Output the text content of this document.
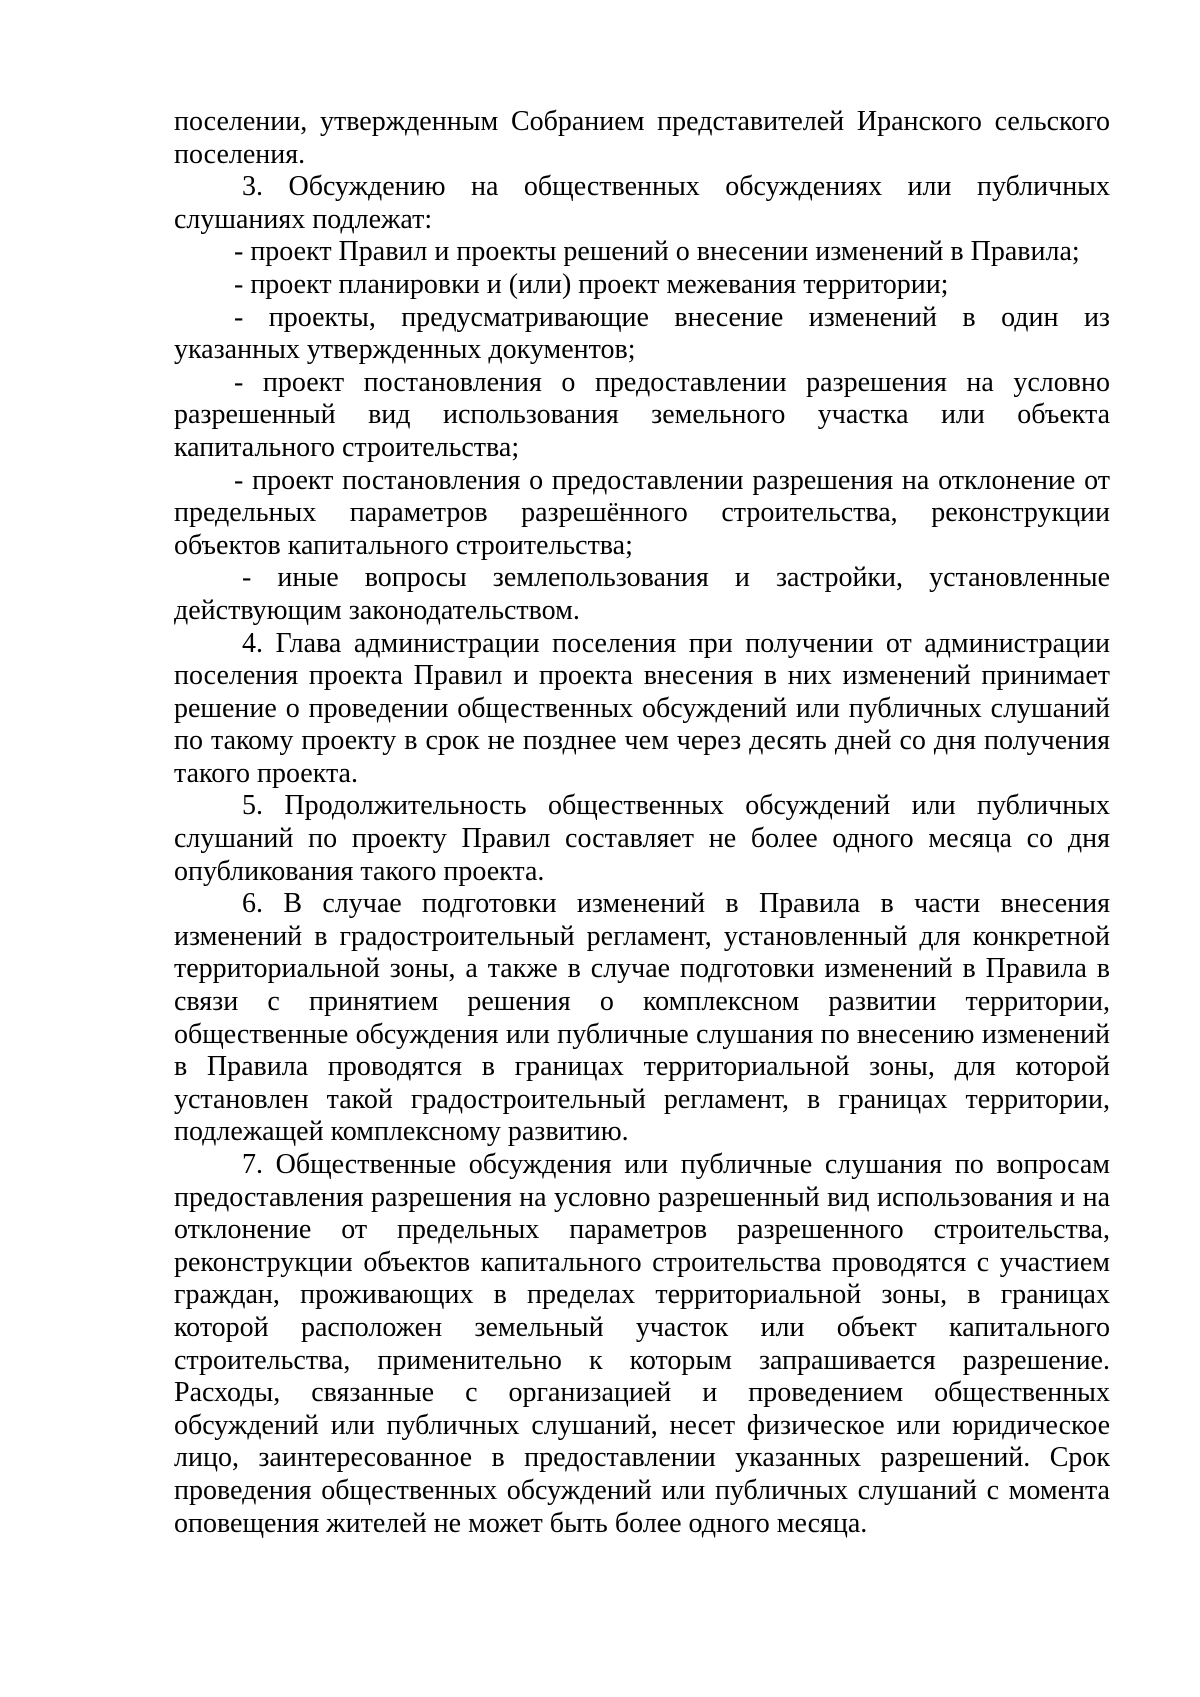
поселении, утвержденным Собранием представителей Иранского сельского поселения.

3. Обсуждению на общественных обсуждениях или публичных слушаниях подлежат:

- проект Правил и проекты решений о внесении изменений в Правила;

- проект планировки и (или) проект межевания территории;

- проекты, предусматривающие внесение изменений в один из указанных утвержденных документов;

- проект постановления о предоставлении разрешения на условно разрешенный вид использования земельного участка или объекта капитального строительства;

- проект постановления о предоставлении разрешения на отклонение от предельных параметров разрешённого строительства, реконструкции объектов капитального строительства;

- иные вопросы землепользования и застройки, установленные действующим законодательством.

4. Глава администрации поселения при получении от администрации поселения проекта Правил и проекта внесения в них изменений принимает решение о проведении общественных обсуждений или публичных слушаний по такому проекту в срок не позднее чем через десять дней со дня получения такого проекта.

5. Продолжительность общественных обсуждений или публичных слушаний по проекту Правил составляет не более одного месяца со дня опубликования такого проекта.

6. В случае подготовки изменений в Правила в части внесения изменений в градостроительный регламент, установленный для конкретной территориальной зоны, а также в случае подготовки изменений в Правила в связи с принятием решения о комплексном развитии территории, общественные обсуждения или публичные слушания по внесению изменений в Правила проводятся в границах территориальной зоны, для которой установлен такой градостроительный регламент, в границах территории, подлежащей комплексному развитию.

7. Общественные обсуждения или публичные слушания по вопросам предоставления разрешения на условно разрешенный вид использования и на отклонение от предельных параметров разрешенного строительства, реконструкции объектов капитального строительства проводятся с участием граждан, проживающих в пределах территориальной зоны, в границах которой расположен земельный участок или объект капитального строительства, применительно к которым запрашивается разрешение. Расходы, связанные с организацией и проведением общественных обсуждений или публичных слушаний, несет физическое или юридическое лицо, заинтересованное в предоставлении указанных разрешений. Срок проведения общественных обсуждений или публичных слушаний с момента оповещения жителей не может быть более одного месяца.
